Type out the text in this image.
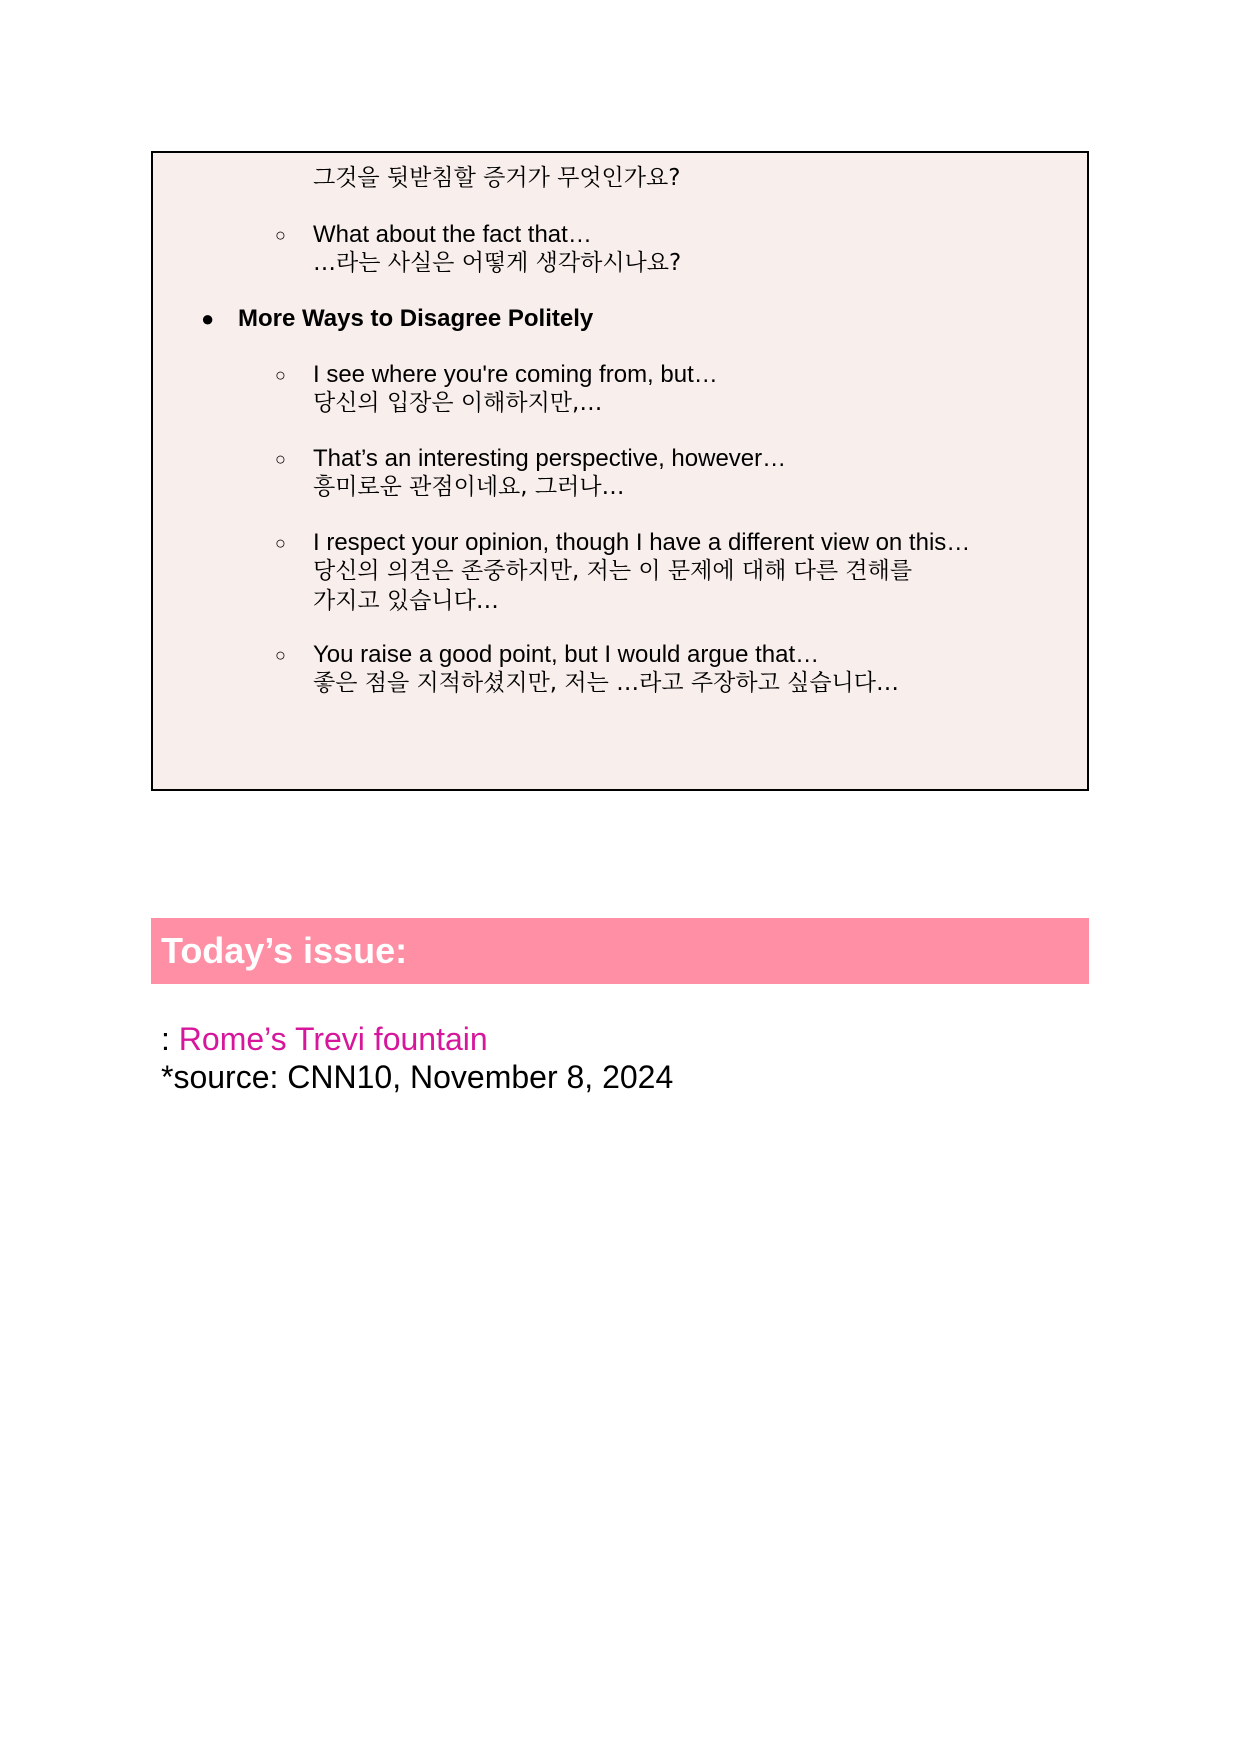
그것을 뒷받침할 증거가 무엇인가요?
○ What about the fact that…
…라는 사실은 어떻게 생각하시나요?
● More Ways to Disagree Politely
○ I see where you're coming from, but…
당신의 입장은 이해하지만,…
○ That’s an interesting perspective, however…
흥미로운 관점이네요, 그러나…
○ I respect your opinion, though I have a different view on this…
당신의 의견은 존중하지만, 저는 이 문제에 대해 다른 견해를
가지고 있습니다…
○ You raise a good point, but I would argue that…
좋은 점을 지적하셨지만, 저는 …라고 주장하고 싶습니다…
Today’s issue:
: Rome’s Trevi fountain
*source: CNN10, November 8, 2024
